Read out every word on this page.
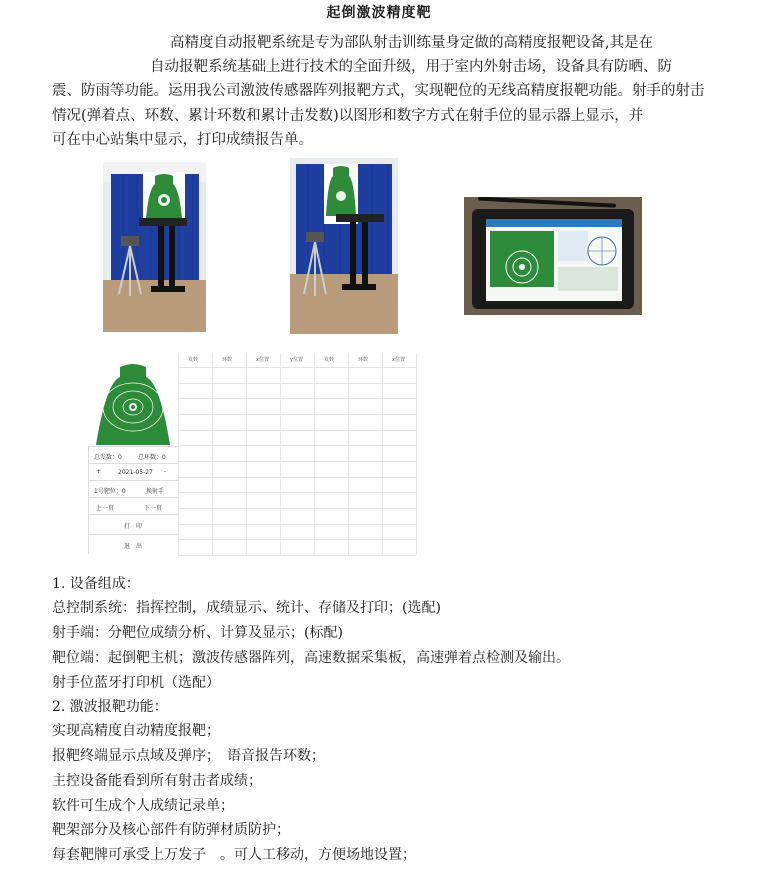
起倒激波精度靶
高精度自动报靶系统是专为部队射击训练量身定做的高精度报靶设备,其是在
自动报靶系统基础上进行技术的全面升级，用于室内外射击场，设备具有防晒、防
震、防雨等功能。运用我公司激波传感器阵列报靶方式，实现靶位的无线高精度报靶功能。射手的射击
情况(弹着点、环数、累计环数和累计击发数)以图形和数字方式在射手位的显示器上显示，并
可在中心站集中显示，打印成绩报告单。
总发数：0	总环数：0
+	2021-05-27 -
1号靶位：0	换射手
上一页	下一页
打　印
退　出
发数	环数	x位置	y位置	发数	环数	x位置
1. 设备组成：
总控制系统：指挥控制，成绩显示、统计、存储及打印；(选配)
射手端：分靶位成绩分析、计算及显示；(标配)
靶位端：起倒靶主机；激波传感器阵列，高速数据采集板，高速弹着点检测及输出。
射手位蓝牙打印机（选配）
2. 激波报靶功能：
实现高精度自动精度报靶；
报靶终端显示点域及弹序；　语音报告环数；
主控设备能看到所有射击者成绩；
软件可生成个人成绩记录单；
靶架部分及核心部件有防弹材质防护；
每套靶牌可承受上万发子　。可人工移动，方便场地设置；
